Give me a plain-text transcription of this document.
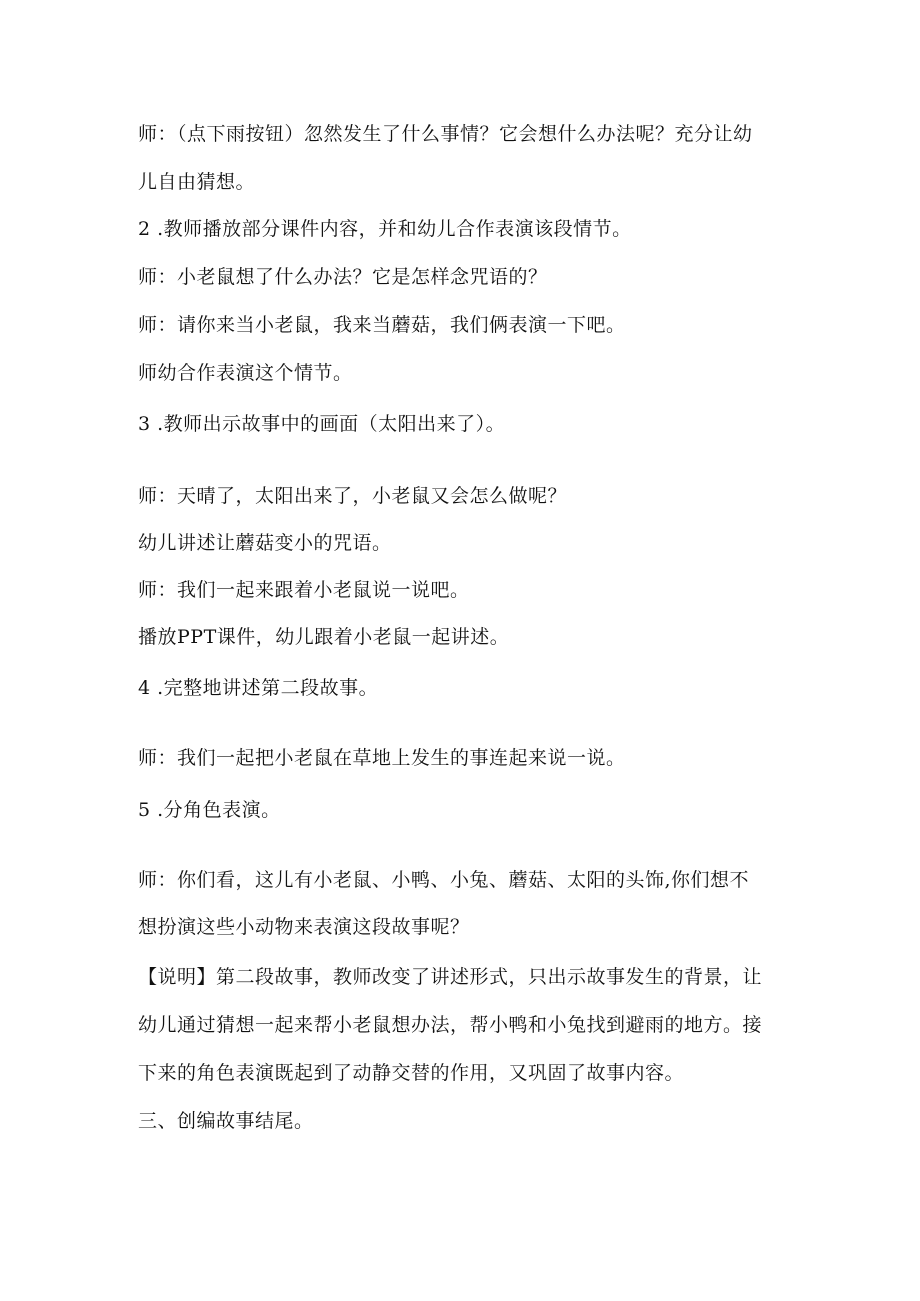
师：（点下雨按钮）忽然发生了什么事情？它会想什么办法呢？充分让幼

儿自由猜想。

2 .教师播放部分课件内容，并和幼儿合作表演该段情节。

师：小老鼠想了什么办法？它是怎样念咒语的？

师：请你来当小老鼠，我来当蘑菇，我们俩表演一下吧。

师幼合作表演这个情节。

3 .教师出示故事中的画面（太阳出来了）。

师：天晴了，太阳出来了，小老鼠又会怎么做呢？

幼儿讲述让蘑菇变小的咒语。

师：我们一起来跟着小老鼠说一说吧。

播放PPT课件，幼儿跟着小老鼠一起讲述。

4 .完整地讲述第二段故事。

师：我们一起把小老鼠在草地上发生的事连起来说一说。

5 .分角色表演。

师：你们看，这儿有小老鼠、小鸭、小兔、蘑菇、太阳的头饰,你们想不

想扮演这些小动物来表演这段故事呢？

【说明】第二段故事，教师改变了讲述形式，只出示故事发生的背景，让

幼儿通过猜想一起来帮小老鼠想办法，帮小鸭和小兔找到避雨的地方。接

下来的角色表演既起到了动静交替的作用，又巩固了故事内容。

三、创编故事结尾。
